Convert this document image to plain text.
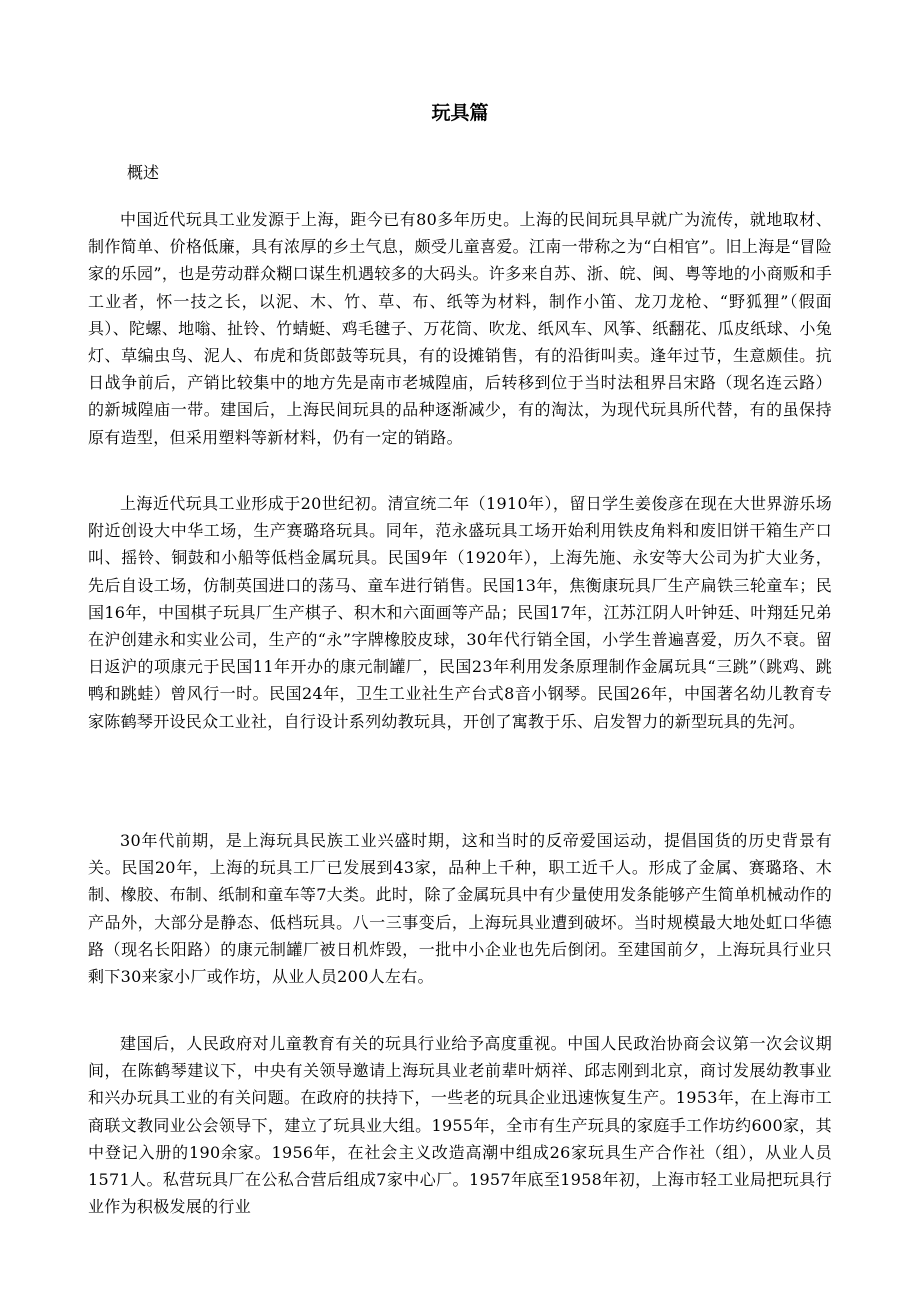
玩具篇

概述

中国近代玩具工业发源于上海，距今已有80多年历史。上海的民间玩具早就广为流传，就地取材、制作简单、价格低廉，具有浓厚的乡土气息，颇受儿童喜爱。江南一带称之为“白相官”。旧上海是“冒险家的乐园”，也是劳动群众糊口谋生机遇较多的大码头。许多来自苏、浙、皖、闽、粤等地的小商贩和手工业者，怀一技之长，以泥、木、竹、草、布、纸等为材料，制作小笛、龙刀龙枪、“野狐狸”（假面具）、陀螺、地嗡、扯铃、竹蜻蜓、鸡毛毽子、万花筒、吹龙、纸风车、风筝、纸翻花、瓜皮纸球、小兔灯、草编虫鸟、泥人、布虎和货郎鼓等玩具，有的设摊销售，有的沿街叫卖。逢年过节，生意颇佳。抗日战争前后，产销比较集中的地方先是南市老城隍庙，后转移到位于当时法租界吕宋路（现名连云路）的新城隍庙一带。建国后，上海民间玩具的品种逐渐减少，有的淘汰，为现代玩具所代替，有的虽保持原有造型，但采用塑料等新材料，仍有一定的销路。

上海近代玩具工业形成于20世纪初。清宣统二年（1910年），留日学生姜俊彦在现在大世界游乐场附近创设大中华工场，生产赛璐珞玩具。同年，范永盛玩具工场开始利用铁皮角料和废旧饼干箱生产口叫、摇铃、铜鼓和小船等低档金属玩具。民国9年（1920年），上海先施、永安等大公司为扩大业务，先后自设工场，仿制英国进口的荡马、童车进行销售。民国13年，焦衡康玩具厂生产扁铁三轮童车；民国16年，中国棋子玩具厂生产棋子、积木和六面画等产品；民国17年，江苏江阴人叶钟廷、叶翔廷兄弟在沪创建永和实业公司，生产的“永”字牌橡胶皮球，30年代行销全国，小学生普遍喜爱，历久不衰。留日返沪的项康元于民国11年开办的康元制罐厂，民国23年利用发条原理制作金属玩具“三跳”（跳鸡、跳鸭和跳蛙）曾风行一时。民国24年，卫生工业社生产台式8音小钢琴。民国26年，中国著名幼儿教育专家陈鹤琴开设民众工业社，自行设计系列幼教玩具，开创了寓教于乐、启发智力的新型玩具的先河。

30年代前期，是上海玩具民族工业兴盛时期，这和当时的反帝爱国运动，提倡国货的历史背景有关。民国20年，上海的玩具工厂已发展到43家，品种上千种，职工近千人。形成了金属、赛璐珞、木制、橡胶、布制、纸制和童车等7大类。此时，除了金属玩具中有少量使用发条能够产生简单机械动作的产品外，大部分是静态、低档玩具。八一三事变后，上海玩具业遭到破坏。当时规模最大地处虹口华德路（现名长阳路）的康元制罐厂被日机炸毁，一批中小企业也先后倒闭。至建国前夕，上海玩具行业只剩下30来家小厂或作坊，从业人员200人左右。

建国后，人民政府对儿童教育有关的玩具行业给予高度重视。中国人民政治协商会议第一次会议期间，在陈鹤琴建议下，中央有关领导邀请上海玩具业老前辈叶炳祥、邱志刚到北京，商讨发展幼教事业和兴办玩具工业的有关问题。在政府的扶持下，一些老的玩具企业迅速恢复生产。1953年，在上海市工商联文教同业公会领导下，建立了玩具业大组。1955年，全市有生产玩具的家庭手工作坊约600家，其中登记入册的190余家。1956年，在社会主义改造高潮中组成26家玩具生产合作社（组），从业人员1571人。私营玩具厂在公私合营后组成7家中心厂。1957年底至1958年初，上海市轻工业局把玩具行业作为积极发展的行业
